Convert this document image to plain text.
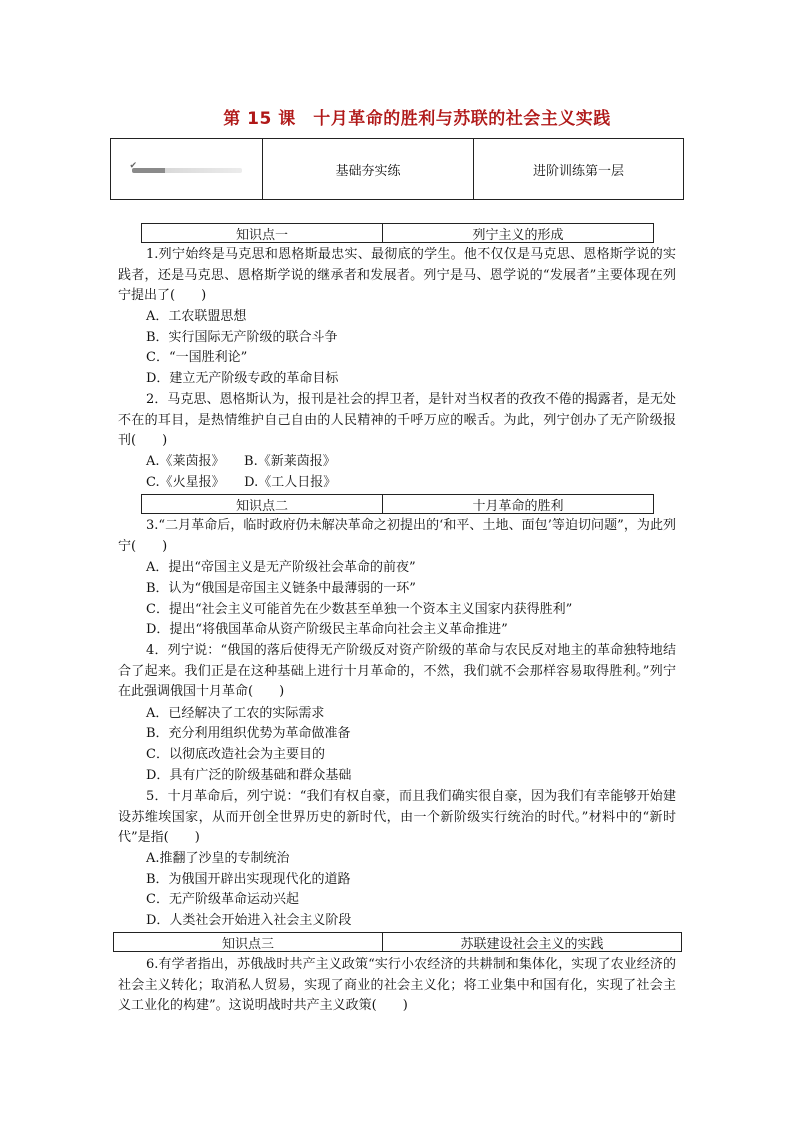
第 15 课　十月革命的胜利与苏联的社会主义实践
✔	基础夯实练	进阶训练第一层
知识点一	列宁主义的形成

1.列宁始终是马克思和恩格斯最忠实、最彻底的学生。他不仅仅是马克思、恩格斯学说的实践者，还是马克思、恩格斯学说的继承者和发展者。列宁是马、恩学说的“发展者”主要体现在列宁提出了(　　)

A．工农联盟思想
B．实行国际无产阶级的联合斗争
C．“一国胜利论”
D．建立无产阶级专政的革命目标

2．马克思、恩格斯认为，报刊是社会的捍卫者，是针对当权者的孜孜不倦的揭露者，是无处不在的耳目，是热情维护自己自由的人民精神的千呼万应的喉舌。为此，列宁创办了无产阶级报刊(　　)

A.《莱茵报》　　B.《新莱茵报》
C.《火星报》　　D.《工人日报》
知识点二	十月革命的胜利

3.“二月革命后，临时政府仍未解决革命之初提出的‘和平、土地、面包’等迫切问题”，为此列宁(　　)

A．提出“帝国主义是无产阶级社会革命的前夜”
B．认为“俄国是帝国主义链条中最薄弱的一环”
C．提出“社会主义可能首先在少数甚至单独一个资本主义国家内获得胜利”
D．提出“将俄国革命从资产阶级民主革命向社会主义革命推进”

4．列宁说：“俄国的落后使得无产阶级反对资产阶级的革命与农民反对地主的革命独特地结合了起来。我们正是在这种基础上进行十月革命的，不然，我们就不会那样容易取得胜利。”列宁在此强调俄国十月革命(　　)

A．已经解决了工农的实际需求
B．充分利用组织优势为革命做准备
C．以彻底改造社会为主要目的
D．具有广泛的阶级基础和群众基础

5．十月革命后，列宁说：“我们有权自豪，而且我们确实很自豪，因为我们有幸能够开始建设苏维埃国家，从而开创全世界历史的新时代，由一个新阶级实行统治的时代。”材料中的“新时代”是指(　　)

A.推翻了沙皇的专制统治
B．为俄国开辟出实现现代化的道路
C．无产阶级革命运动兴起
D．人类社会开始进入社会主义阶段
知识点三	苏联建设社会主义的实践

6.有学者指出，苏俄战时共产主义政策“实行小农经济的共耕制和集体化，实现了农业经济的社会主义转化；取消私人贸易，实现了商业的社会主义化；将工业集中和国有化，实现了社会主义工业化的构建”。这说明战时共产主义政策(　　)
